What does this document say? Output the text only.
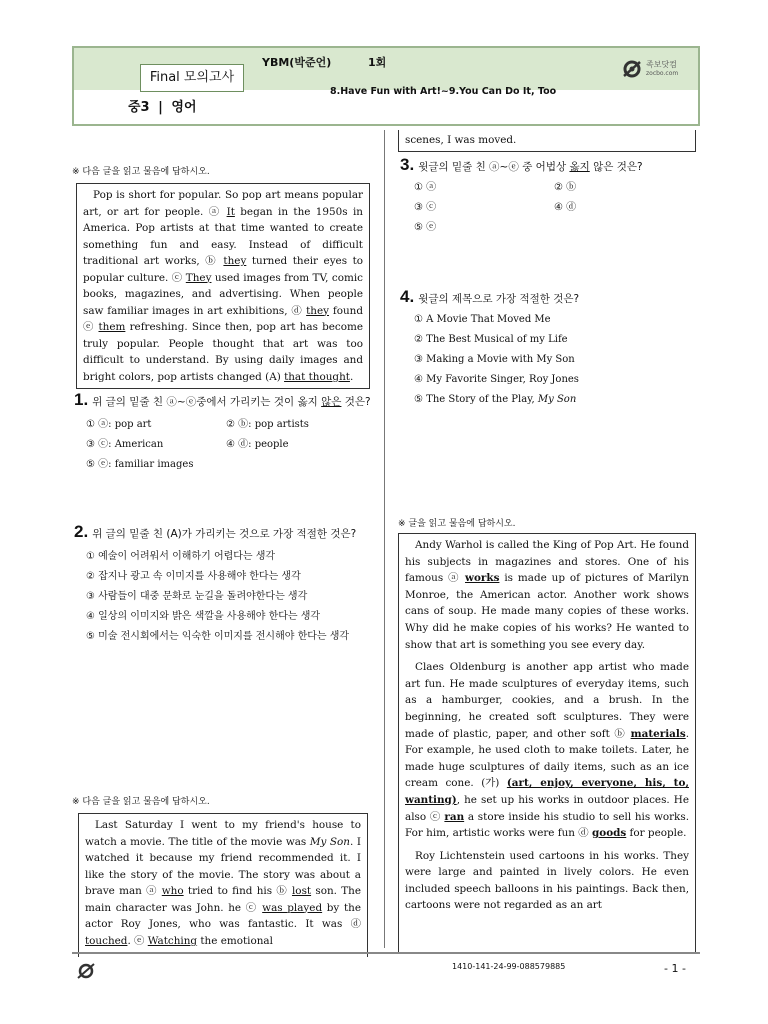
Final 모의고사
중3 | 영어
YBM(박준언)	1회
8.Have Fun with Art!~9.You Can Do It, Too
족보닷컴
zocbo.com
※ 다음 글을 읽고 물음에 답하시오.

Pop is short for popular. So pop art means popular art, or art for people. ⓐ It began in the 1950s in America. Pop artists at that time wanted to create something fun and easy. Instead of difficult traditional art works, ⓑ they turned their eyes to popular culture. ⓒ They used images from TV, comic books, magazines, and advertising. When people saw familiar images in art exhibitions, ⓓ they found ⓔ them refreshing. Since then, pop art has become truly popular. People thought that art was too difficult to understand. By using daily images and bright colors, pop artists changed (A) that thought.

1. 위 글의 밑줄 친 ⓐ~ⓔ중에서 가리키는 것이 옳지 않은 것은?
① ⓐ: pop art	② ⓑ: pop artists
③ ⓒ: American	④ ⓓ: people
⑤ ⓔ: familiar images
2. 위 글의 밑줄 친 (A)가 가리키는 것으로 가장 적절한 것은?
① 예술이 어려워서 이해하기 어렵다는 생각
② 잡지나 광고 속 이미지를 사용해야 한다는 생각
③ 사람들이 대중 문화로 눈길을 돌려야한다는 생각
④ 일상의 이미지와 밝은 색깔을 사용해야 한다는 생각
⑤ 미술 전시회에서는 익숙한 이미지를 전시해야 한다는 생각
※ 다음 글을 읽고 물음에 답하시오.

Last Saturday I went to my friend's house to watch a movie. The title of the movie was My Son. I watched it because my friend recommended it. I like the story of the movie. The story was about a brave man ⓐ who tried to find his ⓑ lost son. The main character was John. he ⓒ was played by the actor Roy Jones, who was fantastic. It was ⓓ touched. ⓔ Watching the emotional

scenes, I was moved.

3. 윗글의 밑줄 친 ⓐ~ⓔ 중 어법상 옳지 않은 것은?
① ⓐ	② ⓑ
③ ⓒ	④ ⓓ
⑤ ⓔ
4. 윗글의 제목으로 가장 적절한 것은?
① A Movie That Moved Me
② The Best Musical of my Life
③ Making a Movie with My Son
④ My Favorite Singer, Roy Jones
⑤ The Story of the Play, My Son
※ 글을 읽고 물음에 답하시오.

Andy Warhol is called the King of Pop Art. He found his subjects in magazines and stores. One of his famous ⓐ works is made up of pictures of Marilyn Monroe, the American actor. Another work shows cans of soup. He made many copies of these works. Why did he make copies of his works? He wanted to show that art is something you see every day.

Claes Oldenburg is another app artist who made art fun. He made sculptures of everyday items, such as a hamburger, cookies, and a brush. In the beginning, he created soft sculptures. They were made of plastic, paper, and other soft ⓑ materials. For example, he used cloth to make toilets. Later, he made huge sculptures of daily items, such as an ice cream cone. (가) (art, enjoy, everyone, his, to, wanting), he set up his works in outdoor places. He also ⓒ ran a store inside his studio to sell his works. For him, artistic works were fun ⓓ goods for people.

Roy Lichtenstein used cartoons in his works. They were large and painted in lively colors. He even included speech balloons in his paintings. Back then, cartoons were not regarded as an art

1410-141-24-99-088579885	- 1 -
